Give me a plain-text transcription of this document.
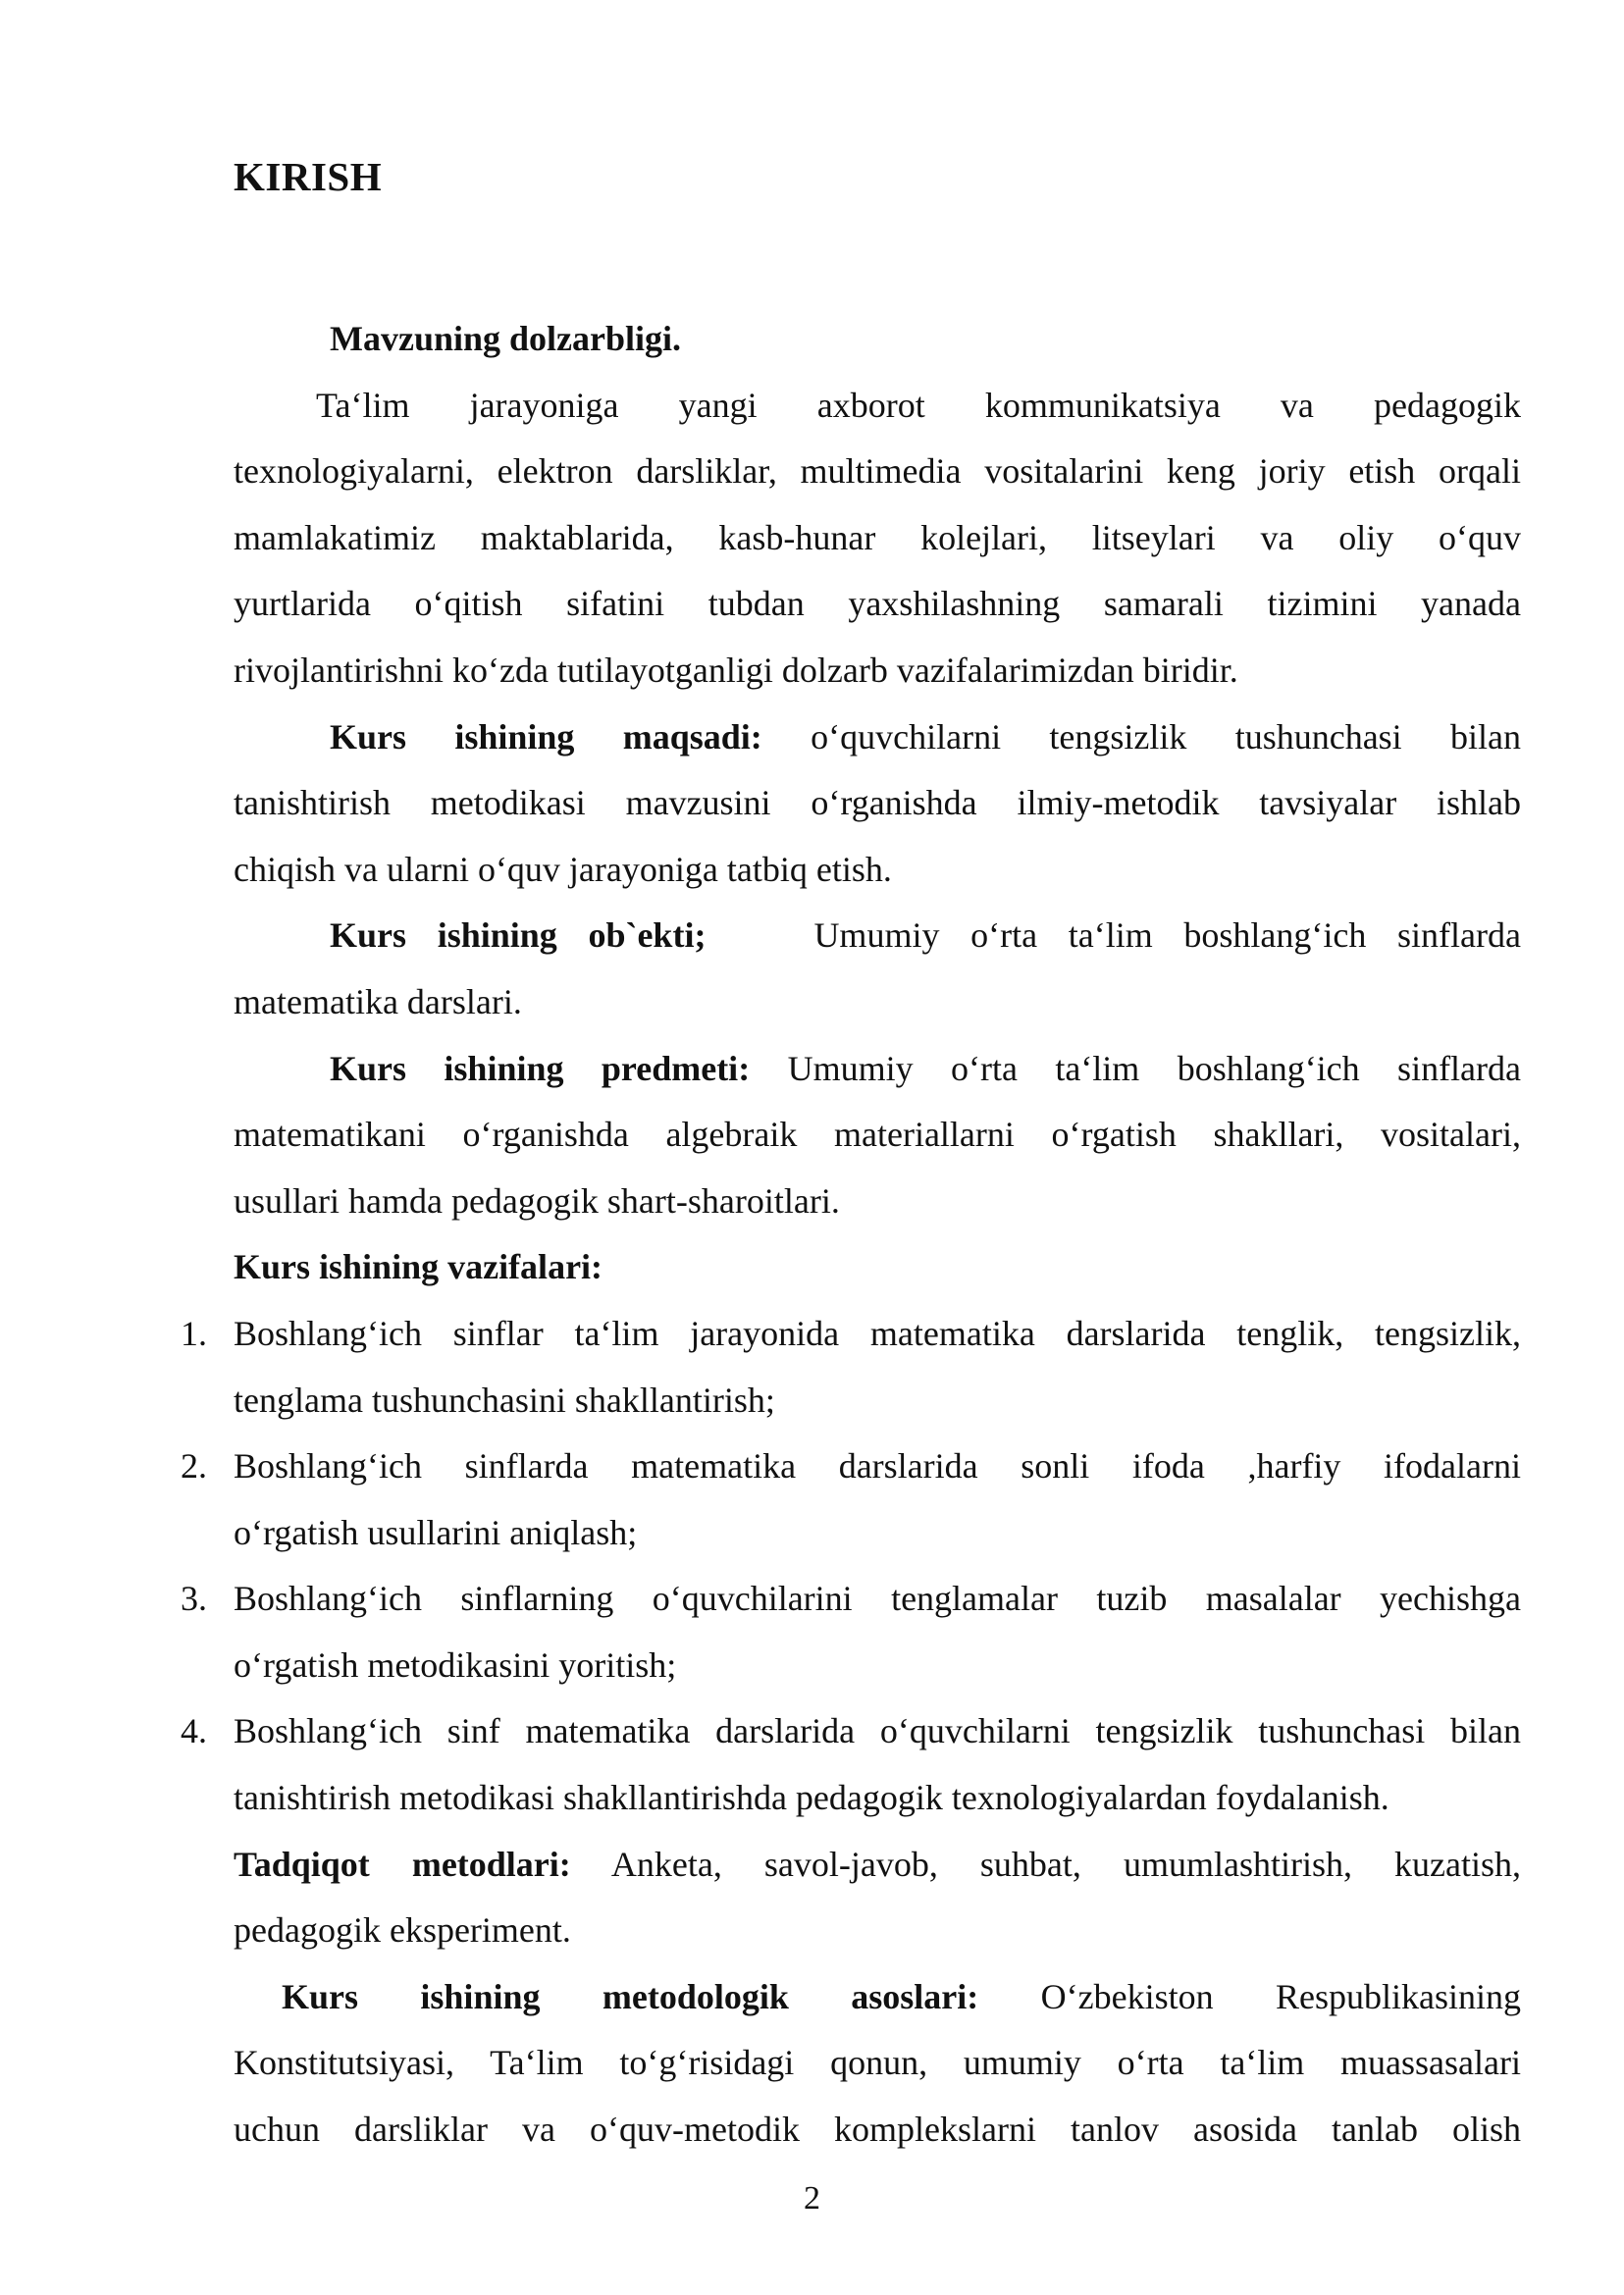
KIRISH
Mavzuning dolzarbligi.
Ta‘lim jarayoniga yangi axborot kommunikatsiya va pedagogik
texnologiyalarni, elektron darsliklar, multimedia vositalarini keng joriy etish orqali
mamlakatimiz maktablarida, kasb-hunar kolejlari, litseylari va oliy o‘quv
yurtlarida o‘qitish sifatini tubdan yaxshilashning samarali tizimini yanada
rivojlantirishni ko‘zda tutilayotganligi dolzarb vazifalarimizdan biridir.
Kurs ishining maqsadi: o‘quvchilarni tengsizlik tushunchasi bilan
tanishtirish metodikasi mavzusini o‘rganishda ilmiy-metodik tavsiyalar ishlab
chiqish va ularni o‘quv jarayoniga tatbiq etish.
Kurs ishining ob`ekti;	Umumiy o‘rta ta‘lim boshlang‘ich sinflarda
matematika darslari.
Kurs ishining predmeti: Umumiy o‘rta ta‘lim boshlang‘ich sinflarda
matematikani o‘rganishda algebraik materiallarni o‘rgatish shakllari, vositalari,
usullari hamda pedagogik shart-sharoitlari.
Kurs ishining vazifalari:
1. Boshlang‘ich sinflar ta‘lim jarayonida matematika darslarida tenglik, tengsizlik,
tenglama tushunchasini shakllantirish;
2. Boshlang‘ich sinflarda matematika darslarida sonli ifoda ,harfiy ifodalarni
o‘rgatish usullarini aniqlash;
3. Boshlang‘ich sinflarning o‘quvchilarini tenglamalar tuzib masalalar yechishga
o‘rgatish metodikasini yoritish;
4. Boshlang‘ich sinf matematika darslarida o‘quvchilarni tengsizlik tushunchasi bilan
tanishtirish metodikasi shakllantirishda pedagogik texnologiyalardan foydalanish.
Tadqiqot metodlari: Anketa, savol-javob, suhbat, umumlashtirish, kuzatish,
pedagogik eksperiment.
Kurs ishining metodologik asoslari: O‘zbekiston Respublikasining
Konstitutsiyasi, Ta‘lim to‘g‘risidagi qonun, umumiy o‘rta ta‘lim muassasalari
uchun darsliklar va o‘quv-metodik komplekslarni tanlov asosida tanlab olish
2
